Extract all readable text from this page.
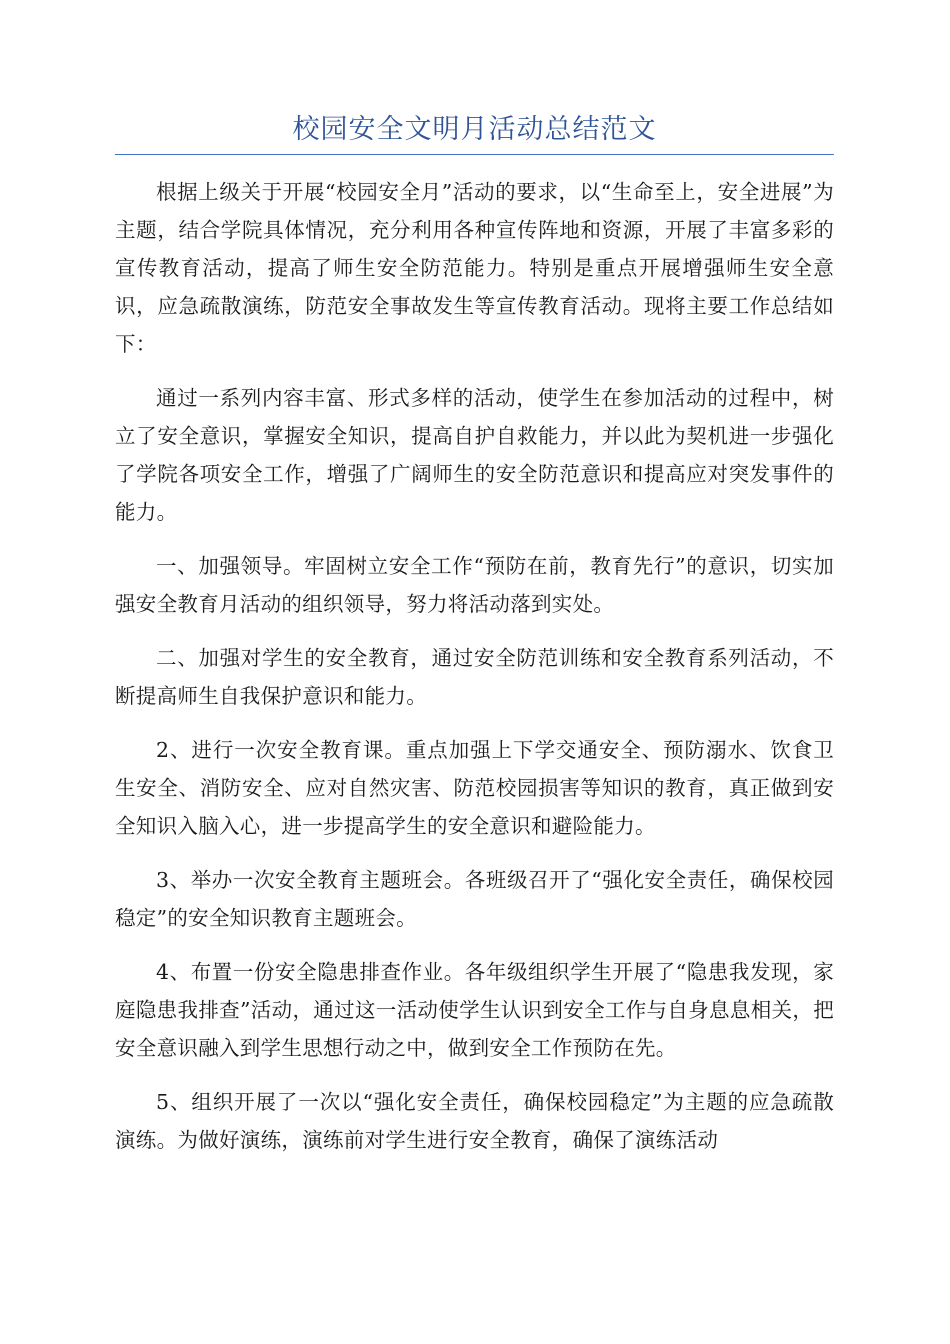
校园安全文明月活动总结范文

根据上级关于开展“校园安全月”活动的要求，以“生命至上，安全进展”为主题，结合学院具体情况，充分利用各种宣传阵地和资源，开展了丰富多彩的宣传教育活动，提高了师生安全防范能力。特别是重点开展增强师生安全意识，应急疏散演练，防范安全事故发生等宣传教育活动。现将主要工作总结如下：

通过一系列内容丰富、形式多样的活动，使学生在参加活动的过程中，树立了安全意识，掌握安全知识，提高自护自救能力，并以此为契机进一步强化了学院各项安全工作，增强了广阔师生的安全防范意识和提高应对突发事件的能力。

一、加强领导。牢固树立安全工作“预防在前，教育先行”的意识，切实加强安全教育月活动的组织领导，努力将活动落到实处。

二、加强对学生的安全教育，通过安全防范训练和安全教育系列活动，不断提高师生自我保护意识和能力。

2、进行一次安全教育课。重点加强上下学交通安全、预防溺水、饮食卫生安全、消防安全、应对自然灾害、防范校园损害等知识的教育，真正做到安全知识入脑入心，进一步提高学生的安全意识和避险能力。

3、举办一次安全教育主题班会。各班级召开了“强化安全责任，确保校园稳定”的安全知识教育主题班会。

4、布置一份安全隐患排查作业。各年级组织学生开展了“隐患我发现，家庭隐患我排查”活动，通过这一活动使学生认识到安全工作与自身息息相关，把安全意识融入到学生思想行动之中，做到安全工作预防在先。

5、组织开展了一次以“强化安全责任，确保校园稳定”为主题的应急疏散演练。为做好演练，演练前对学生进行安全教育，确保了演练活动
